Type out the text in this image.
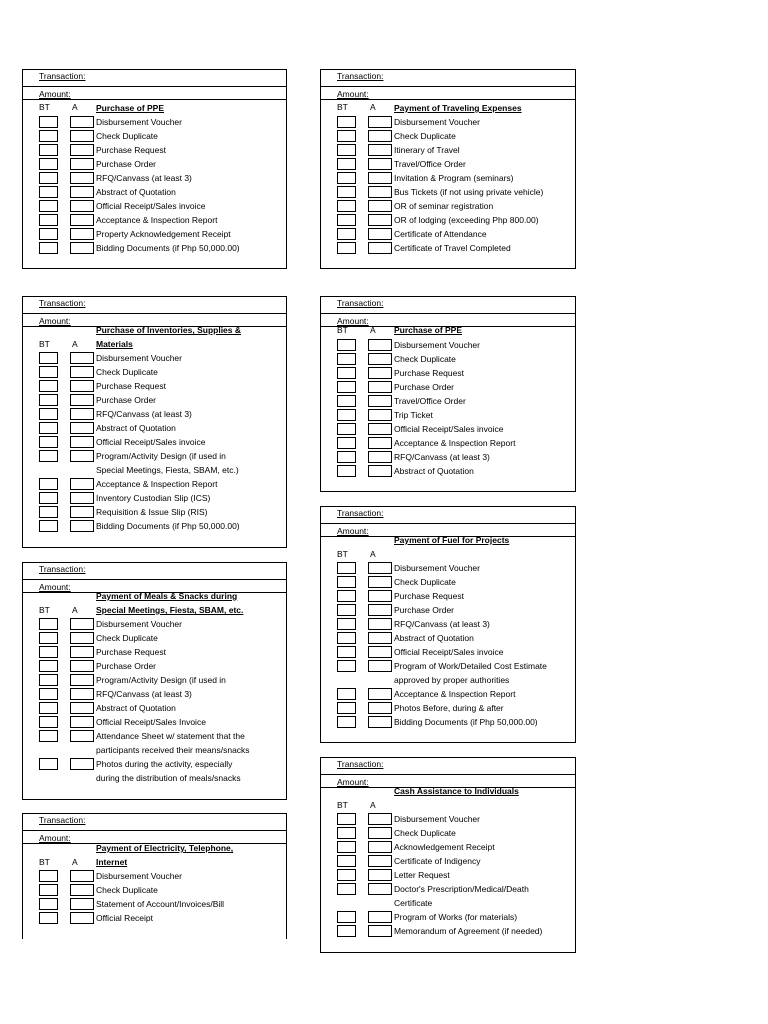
Transaction:
Amount:
BT	A Purchase of PPE
Disbursement Voucher
Check Duplicate
Purchase Request
Purchase Order
RFQ/Canvass (at least 3)
Abstract of Quotation
Official Receipt/Sales invoice
Acceptance & Inspection Report
Property Acknowledgement Receipt
Bidding Documents (if Php 50,000.00)
Transaction:
Amount:
BT	A
Purchase of Inventories, Supplies &
Materials
Disbursement Voucher
Check Duplicate
Purchase Request
Purchase Order
RFQ/Canvass (at least 3)
Abstract of Quotation
Official Receipt/Sales invoice
Program/Activity Design (if used in
Special Meetings, Fiesta, SBAM, etc.)
Acceptance & Inspection Report
Inventory Custodian Slip (ICS)
Requisition & Issue Slip (RIS)
Bidding Documents (if Php 50,000.00)
Transaction:
Amount:
BT	A
Payment of Meals & Snacks during
Special Meetings, Fiesta, SBAM, etc.
Disbursement Voucher
Check Duplicate
Purchase Request
Purchase Order
Program/Activity Design (if used in
RFQ/Canvass (at least 3)
Abstract of Quotation
Official Receipt/Sales Invoice
Attendance Sheet w/ statement that the
participants received their means/snacks
Photos during the activity, especially
during the distribution of meals/snacks
Transaction:
Amount:
BT	A
Payment of Electricity, Telephone,
Internet
Disbursement Voucher
Check Duplicate
Statement of Account/Invoices/Bill
Official Receipt
Transaction:
Amount:
BT	A Payment of Traveling Expenses
Disbursement Voucher
Check Duplicate
Itinerary of Travel
Travel/Office Order
Invitation & Program (seminars)
Bus Tickets (if not using private vehicle)
OR of seminar registration
OR of lodging (exceeding Php 800.00)
Certificate of Attendance
Certificate of Travel Completed
Transaction:
Amount:
BT	A Purchase of PPE
Disbursement Voucher
Check Duplicate
Purchase Request
Purchase Order
Travel/Office Order
Trip Ticket
Official Receipt/Sales invoice
Acceptance & Inspection Report
RFQ/Canvass (at least 3)
Abstract of Quotation
Transaction:
Amount:
BT	A
Payment of Fuel for Projects
Disbursement Voucher
Check Duplicate
Purchase Request
Purchase Order
RFQ/Canvass (at least 3)
Abstract of Quotation
Official Receipt/Sales invoice
Program of Work/Detailed Cost Estimate
approved by proper authorities
Acceptance & Inspection Report
Photos Before, during & after
Bidding Documents (if Php 50,000.00)
Transaction:
Amount:
BT	A
Cash Assistance to Individuals
Disbursement Voucher
Check Duplicate
Acknowledgement Receipt
Certificate of Indigency
Letter Request
Doctor's Prescription/Medical/Death
Certificate
Program of Works (for materials)
Memorandum of Agreement (if needed)
